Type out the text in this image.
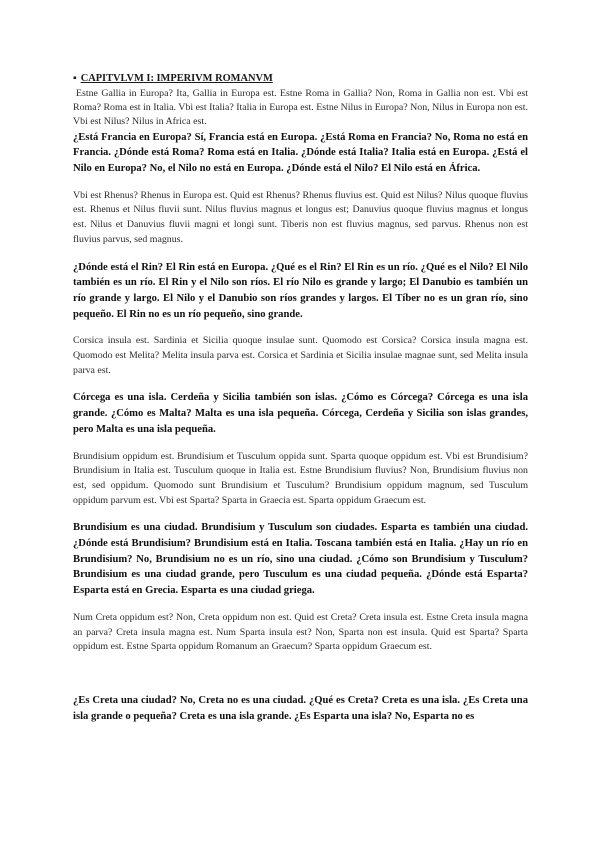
▪ CAPITVLVM I: IMPERIVM ROMANVM

Estne Gallia in Europa? Ita, Gallia in Europa est. Estne Roma in Gallia? Non, Roma in Gallia non est. Vbi est Roma? Roma est in Italia. Vbi est Italia? Italia in Europa est. Estne Nilus in Europa? Non, Nilus in Europa non est. Vbi est Nilus? Nilus in Africa est.

¿Está Francia en Europa? Sí, Francia está en Europa. ¿Está Roma en Francia? No, Roma no está en Francia. ¿Dónde está Roma? Roma está en Italia. ¿Dónde está Italia? Italia está en Europa. ¿Está el Nilo en Europa? No, el Nilo no está en Europa. ¿Dónde está el Nilo? El Nilo está en África.

Vbi est Rhenus? Rhenus in Europa est. Quid est Rhenus? Rhenus fluvius est. Quid est Nilus? Nilus quoque fluvius est. Rhenus et Nilus fluvii sunt. Nilus fluvius magnus et longus est; Danuvius quoque fluvius magnus et longus est. Nilus et Danuvius fluvii magni et longi sunt. Tiberis non est fluvius magnus, sed parvus. Rhenus non est fluvius parvus, sed magnus.

¿Dónde está el Rin? El Rin está en Europa. ¿Qué es el Rin? El Rin es un río. ¿Qué es el Nilo? El Nilo también es un río. El Rin y el Nilo son ríos. El río Nilo es grande y largo; El Danubio es también un río grande y largo. El Nilo y el Danubio son ríos grandes y largos. El Tíber no es un gran río, sino pequeño. El Rin no es un río pequeño, sino grande.

Corsica insula est. Sardinia et Sicilia quoque insulae sunt. Quomodo est Corsica? Corsica insula magna est. Quomodo est Melita? Melita insula parva est. Corsica et Sardinia et Sicilia insulae magnae sunt, sed Melita insula parva est.

Córcega es una isla. Cerdeña y Sicilia también son islas. ¿Cómo es Córcega? Córcega es una isla grande. ¿Cómo es Malta? Malta es una isla pequeña. Córcega, Cerdeña y Sicilia son islas grandes, pero Malta es una isla pequeña.

Brundisium oppidum est. Brundisium et Tusculum oppida sunt. Sparta quoque oppidum est. Vbi est Brundisium? Brundisium in Italia est. Tusculum quoque in Italia est. Estne Brundisium fluvius? Non, Brundisium fluvius non est, sed oppidum. Quomodo sunt Brundisium et Tusculum? Brundisium oppidum magnum, sed Tusculum oppidum parvum est. Vbi est Sparta? Sparta in Graecia est. Sparta oppidum Graecum est.

Brundisium es una ciudad. Brundisium y Tusculum son ciudades. Esparta es también una ciudad. ¿Dónde está Brundisium? Brundisium está en Italia. Toscana también está en Italia. ¿Hay un río en Brundisium? No, Brundisium no es un río, sino una ciudad. ¿Cómo son Brundisium y Tusculum? Brundisium es una ciudad grande, pero Tusculum es una ciudad pequeña. ¿Dónde está Esparta? Esparta está en Grecia. Esparta es una ciudad griega.

Num Creta oppidum est? Non, Creta oppidum non est. Quid est Creta? Creta insula est. Estne Creta insula magna an parva? Creta insula magna est. Num Sparta insula est? Non, Sparta non est insula. Quid est Sparta? Sparta oppidum est. Estne Sparta oppidum Romanum an Graecum? Sparta oppidum Graecum est.

¿Es Creta una ciudad? No, Creta no es una ciudad. ¿Qué es Creta? Creta es una isla. ¿Es Creta una isla grande o pequeña? Creta es una isla grande. ¿Es Esparta una isla? No, Esparta no es
